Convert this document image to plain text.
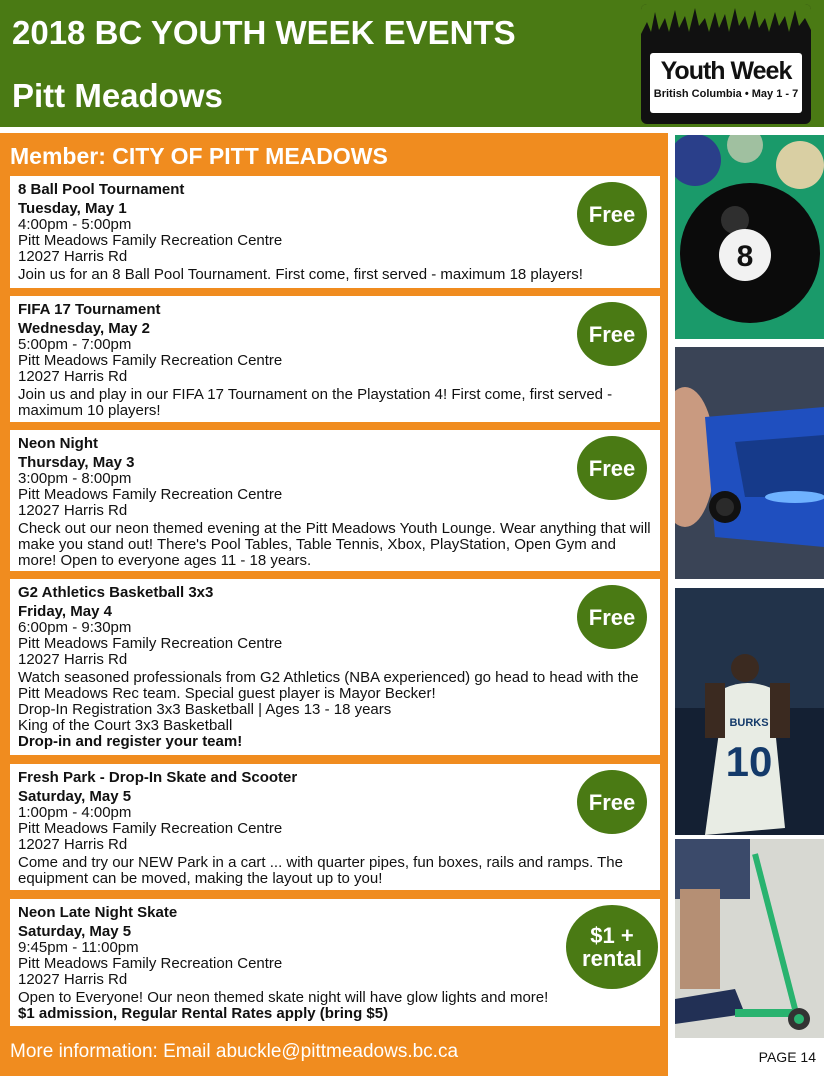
2018 BC YOUTH WEEK EVENTS
Pitt Meadows
Youth Week
British Columbia • May 1 - 7

Member: CITY OF PITT MEADOWS

8 Ball Pool Tournament
Tuesday, May 1
4:00pm - 5:00pm
Pitt Meadows Family Recreation Centre
12027 Harris Rd
Join us for an 8 Ball Pool Tournament. First come, first served - maximum 18 players!
Free
FIFA 17 Tournament
Wednesday, May 2
5:00pm - 7:00pm
Pitt Meadows Family Recreation Centre
12027 Harris Rd
Join us and play in our FIFA 17 Tournament on the Playstation 4! First come, first served - maximum 10 players!
Free
Neon Night
Thursday, May 3
3:00pm - 8:00pm
Pitt Meadows Family Recreation Centre
12027 Harris Rd
Check out our neon themed evening at the Pitt Meadows Youth Lounge. Wear anything that will make you stand out! There's Pool Tables, Table Tennis, Xbox, PlayStation, Open Gym and more! Open to everyone ages 11 - 18 years.
Free
G2 Athletics Basketball 3x3
Friday, May 4
6:00pm - 9:30pm
Pitt Meadows Family Recreation Centre
12027 Harris Rd
Watch seasoned professionals from G2 Athletics (NBA experienced) go head to head with the Pitt Meadows Rec team. Special guest player is Mayor Becker!
Drop-In Registration 3x3 Basketball | Ages 13 - 18 years
King of the Court 3x3 Basketball
Drop-in and register your team!
Free
Fresh Park - Drop-In Skate and Scooter
Saturday, May 5
1:00pm - 4:00pm
Pitt Meadows Family Recreation Centre
12027 Harris Rd
Come and try our NEW Park in a cart ... with quarter pipes, fun boxes, rails and ramps. The equipment can be moved, making the layout up to you!
Free
Neon Late Night Skate
Saturday, May 5
9:45pm - 11:00pm
Pitt Meadows Family Recreation Centre
12027 Harris Rd
Open to Everyone! Our neon themed skate night will have glow lights and more!
$1 admission, Regular Rental Rates apply (bring $5)
$1 + rental

More information: Email abuckle@pittmeadows.bc.ca

8
BURKS
10

PAGE 14
